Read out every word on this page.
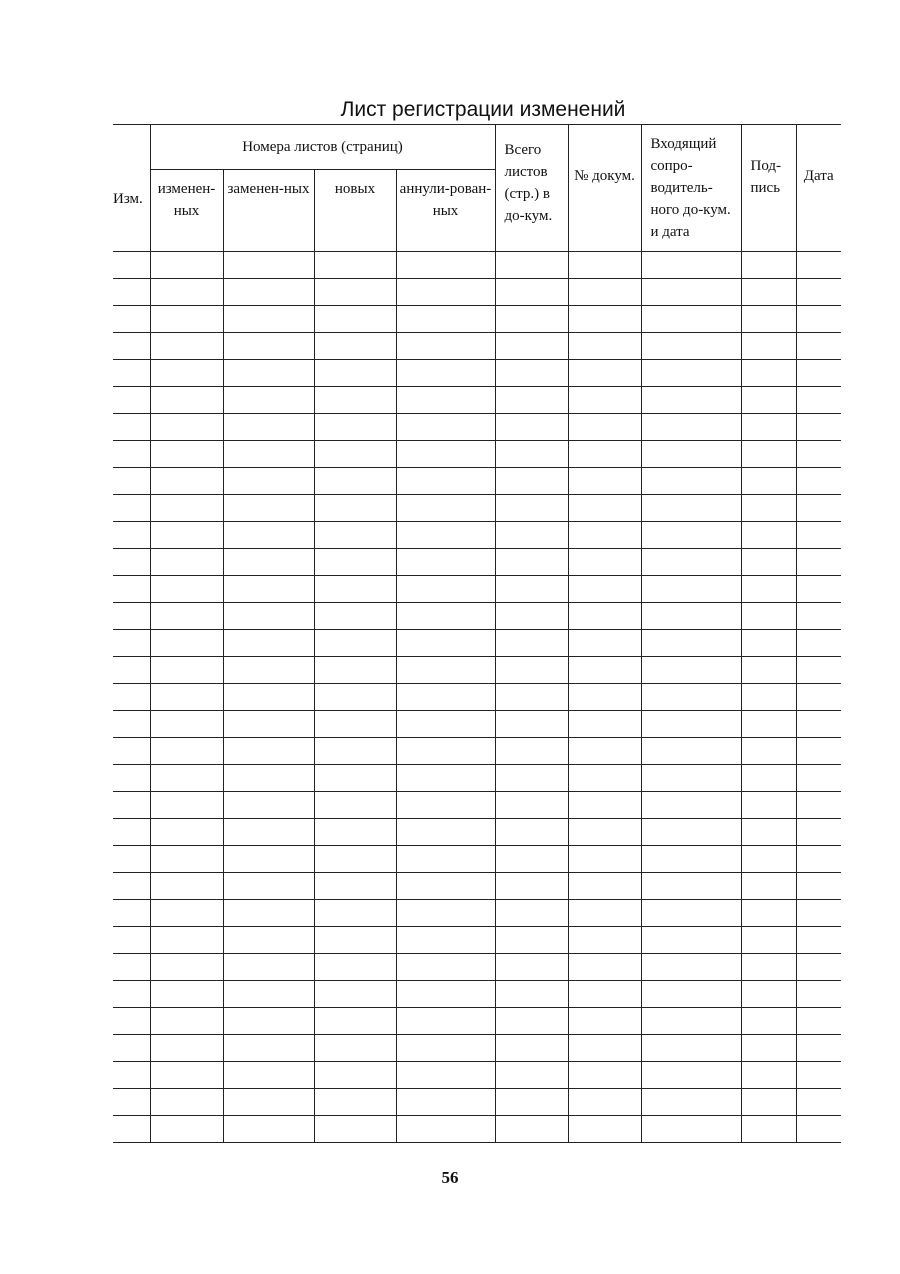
Лист регистрации изменений
Изм.	Номера листов (страниц)				Всего листов (стр.) в до-кум.	№ докум.	Входящий сопро-водитель-ного до-кум. и дата	Под-пись	Дата
	изменен-ных	заменен-ных	новых	аннули-рован-ных					

56
